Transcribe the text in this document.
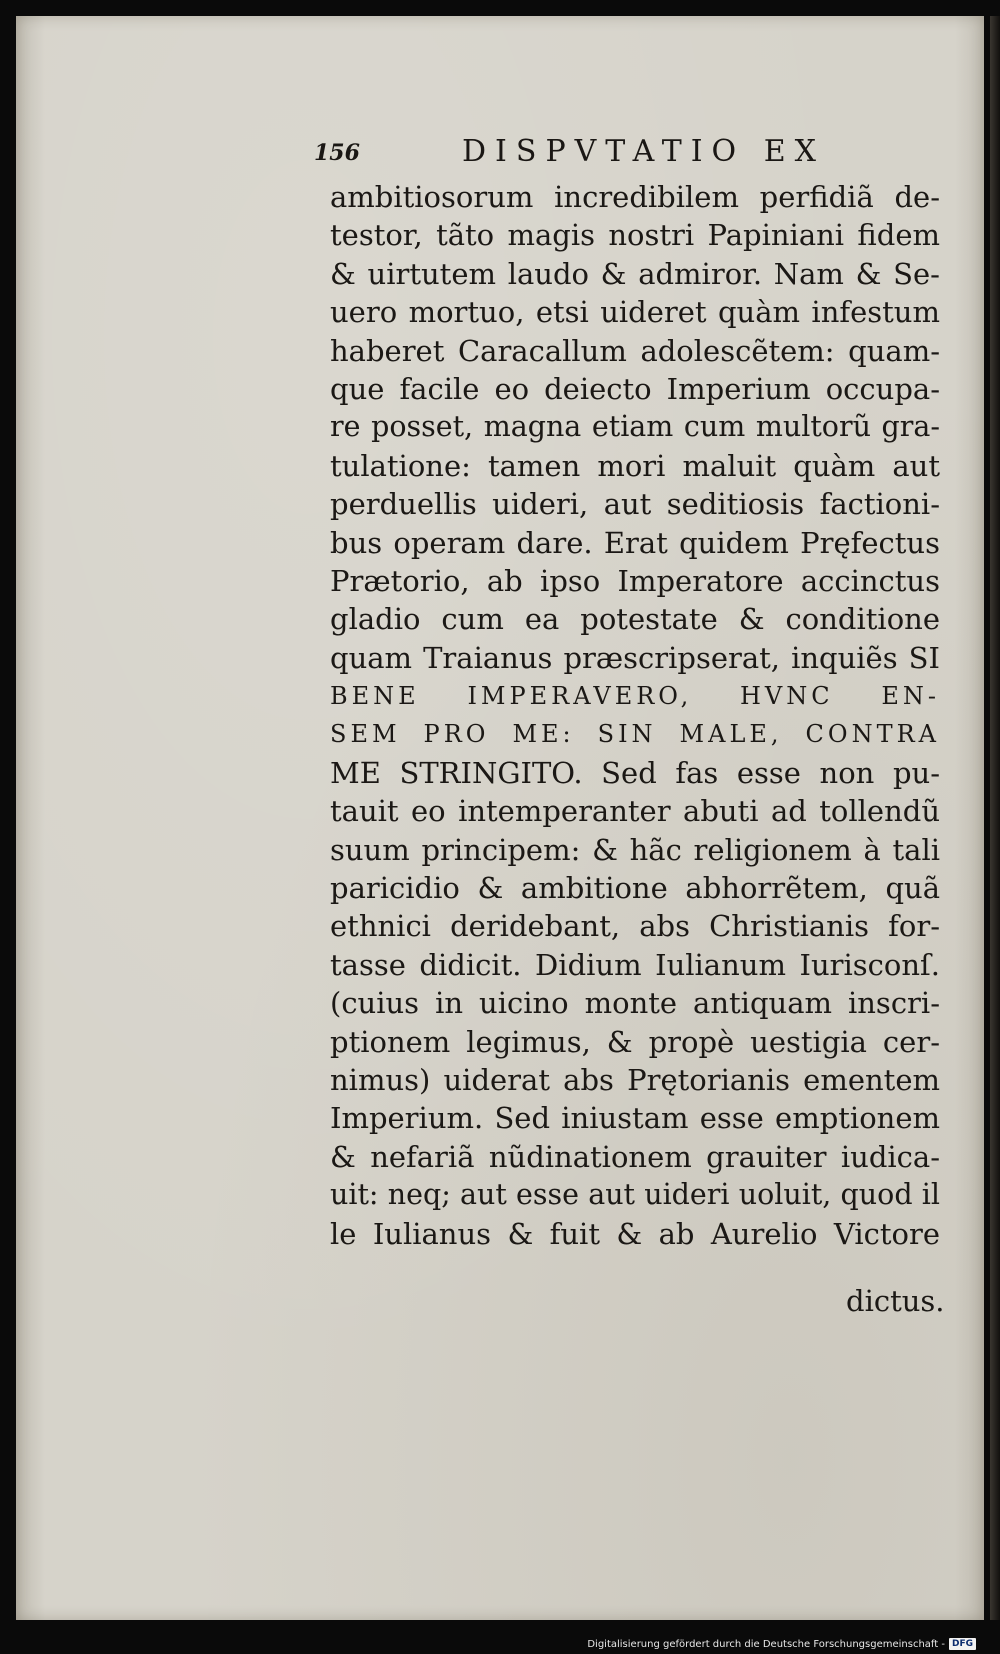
156	DISPVTATIO EX
ambitiosorum incredibilem perfidiã de-
testor, tãto magis nostri Papiniani fidem
& uirtutem laudo & admiror. Nam & Se-
uero mortuo, etsi uideret quàm infestum
haberet Caracallum adolescẽtem: quam-
que facile eo deiecto Imperium occupa-
re posset, magna etiam cum multorũ gra-
tulatione: tamen mori maluit quàm aut
perduellis uideri, aut seditiosis factioni-
bus operam dare. Erat quidem Pręfectus
Prætorio, ab ipso Imperatore accinctus
gladio cum ea potestate & conditione
quam Traianus præscripserat, inquiẽs SI
BENE IMPERAVERO, HVNC EN-
SEM PRO ME: SIN MALE, CONTRA
ME STRINGITO. Sed fas esse non pu-
tauit eo intemperanter abuti ad tollendũ
suum principem: & hãc religionem à tali
paricidio & ambitione abhorrẽtem, quã
ethnici deridebant, abs Christianis for-
tasse didicit. Didium Iulianum Iurisconſ.
(cuius in uicino monte antiquam inscri-
ptionem legimus, & propè uestigia cer-
nimus) uiderat abs Prętorianis ementem
Imperium. Sed iniustam esse emptionem
& nefariã nũdinationem grauiter iudica-
uit: neq; aut esse aut uideri uoluit, quod il
le Iulianus & fuit & ab Aurelio Victore
dictus.
Digitalisierung gefördert durch die Deutsche Forschungsgemeinschaft - DFG
